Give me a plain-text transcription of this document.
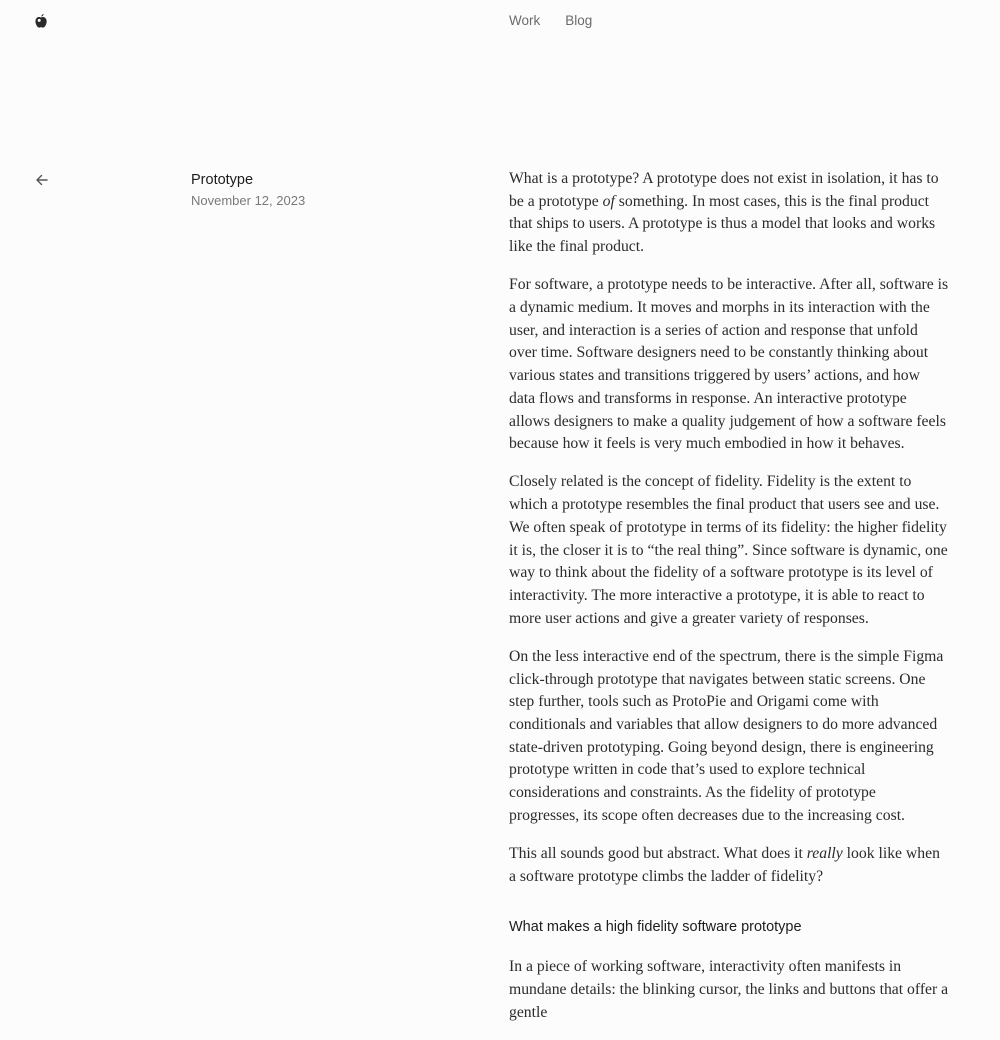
Work Blog
Prototype
November 12, 2023

What is a prototype? A prototype does not exist in isolation, it has to be a prototype of something. In most cases, this is the final product that ships to users. A prototype is thus a model that looks and works like the final product.

For software, a prototype needs to be interactive. After all, software is a dynamic medium. It moves and morphs in its interaction with the user, and interaction is a series of action and response that unfold over time. Software designers need to be constantly thinking about various states and transitions triggered by users’ actions, and how data flows and transforms in response. An interactive prototype allows designers to make a quality judgement of how a software feels because how it feels is very much embodied in how it behaves.

Closely related is the concept of fidelity. Fidelity is the extent to which a prototype resembles the final product that users see and use. We often speak of prototype in terms of its fidelity: the higher fidelity it is, the closer it is to “the real thing”. Since software is dynamic, one way to think about the fidelity of a software prototype is its level of interactivity. The more interactive a prototype, it is able to react to more user actions and give a greater variety of responses.

On the less interactive end of the spectrum, there is the simple Figma click-through prototype that navigates between static screens. One step further, tools such as ProtoPie and Origami come with conditionals and variables that allow designers to do more advanced state-driven prototyping. Going beyond design, there is engineering prototype written in code that’s used to explore technical considerations and constraints. As the fidelity of prototype progresses, its scope often decreases due to the increasing cost.

This all sounds good but abstract. What does it really look like when a software prototype climbs the ladder of fidelity?

What makes a high fidelity software prototype

In a piece of working software, interactivity often manifests in mundane details: the blinking cursor, the links and buttons that offer a gentle
